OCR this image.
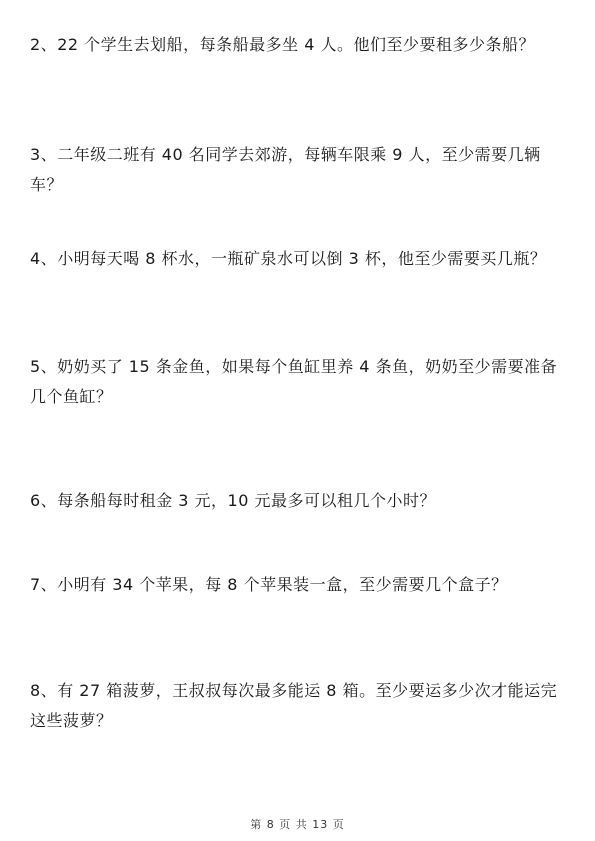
2、22 个学生去划船，每条船最多坐 4 人。他们至少要租多少条船？
3、二年级二班有 40 名同学去郊游，每辆车限乘 9 人，至少需要几辆车？
4、小明每天喝 8 杯水，一瓶矿泉水可以倒 3 杯，他至少需要买几瓶？
5、奶奶买了 15 条金鱼，如果每个鱼缸里养 4 条鱼，奶奶至少需要准备几个鱼缸？
6、每条船每时租金 3 元，10 元最多可以租几个小时？
7、小明有 34 个苹果，每 8 个苹果装一盒，至少需要几个盒子？
8、有 27 箱菠萝，王叔叔每次最多能运 8 箱。至少要运多少次才能运完这些菠萝？
第 8 页 共 13 页
